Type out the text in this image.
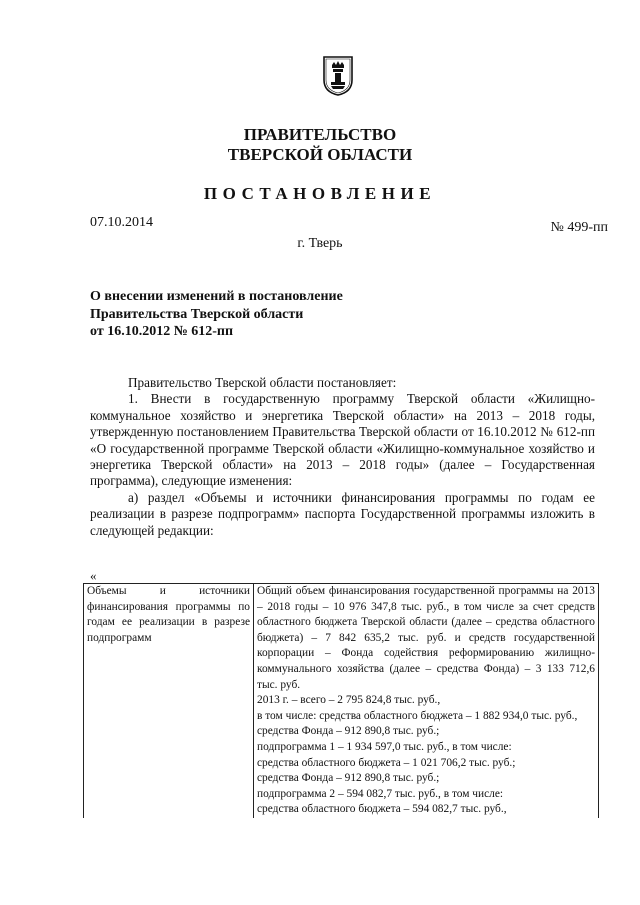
ПРАВИТЕЛЬСТВО
ТВЕРСКОЙ ОБЛАСТИ
ПОСТАНОВЛЕНИЕ
07.10.2014	№ 499-пп
г. Тверь
О внесении изменений в постановление
Правительства Тверской области
от 16.10.2012 № 612-пп

Правительство Тверской области постановляет:

1. Внести в государственную программу Тверской области «Жилищно-коммунальное хозяйство и энергетика Тверской области» на 2013 – 2018 годы, утвержденную постановлением Правительства Тверской области от 16.10.2012 № 612-пп «О государственной программе Тверской области «Жилищно-коммунальное хозяйство и энергетика Тверской области» на 2013 – 2018 годы» (далее – Государственная программа), следующие изменения:

а) раздел «Объемы и источники финансирования программы по годам ее реализации в разрезе подпрограмм» паспорта Государственной программы изложить в следующей редакции:

«
Объемы и источники финансирования программы по годам ее реализации в разрезе подпрограмм	
Общий объем финансирования государственной программы на 2013 – 2018 годы – 10 976 347,8 тыс. руб., в том числе за счет средств областного бюджета Тверской области (далее – средства областного бюджета) – 7 842 635,2 тыс. руб. и средств государственной корпорации – Фонда содействия реформированию жилищно-коммунального хозяйства (далее – средства Фонда) – 3 133 712,6 тыс. руб.
2013 г. – всего – 2 795 824,8 тыс. руб.,
в том числе: средства областного бюджета – 1 882 934,0 тыс. руб.,
средства Фонда – 912 890,8 тыс. руб.;
подпрограмма 1 – 1 934 597,0 тыс. руб., в том числе:
средства областного бюджета – 1 021 706,2 тыс. руб.;
средства Фонда – 912 890,8 тыс. руб.;
подпрограмма 2 – 594 082,7 тыс. руб., в том числе:
средства областного бюджета – 594 082,7 тыс. руб.,
